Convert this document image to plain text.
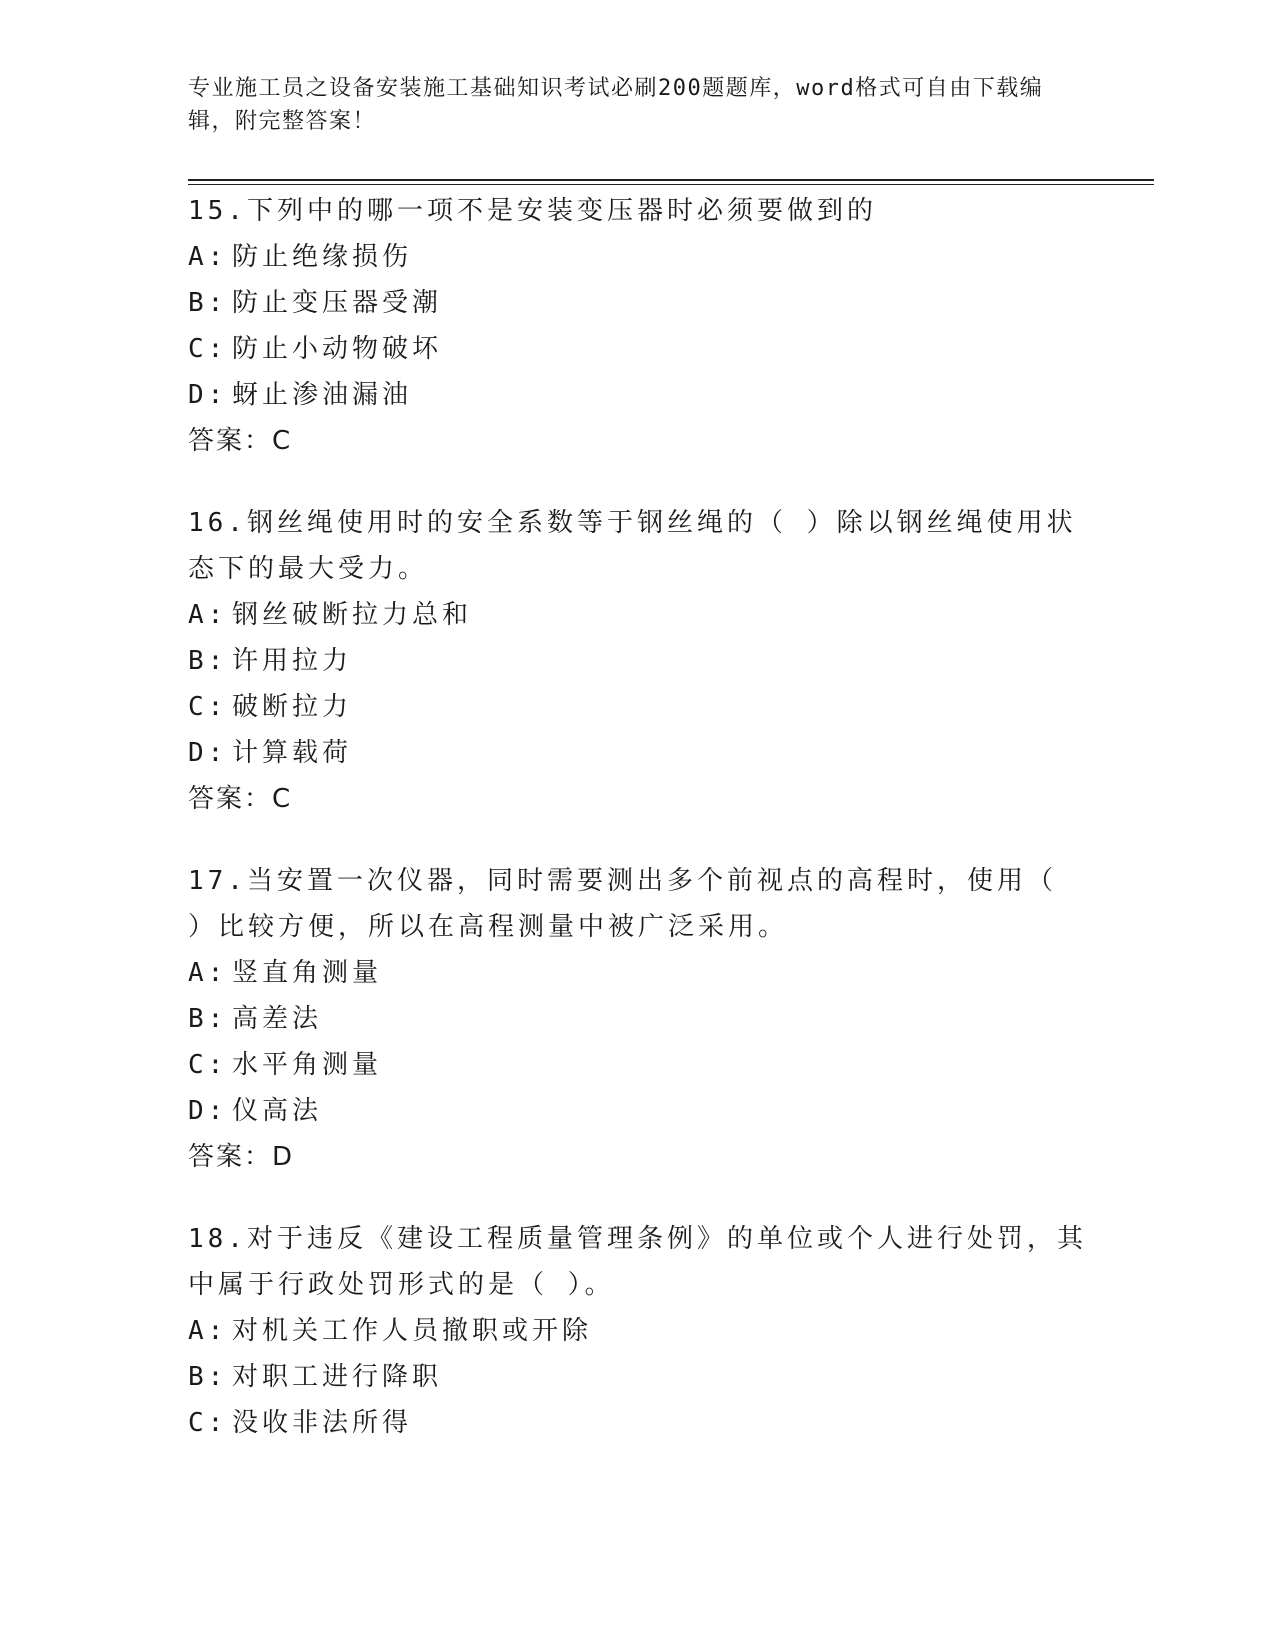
专业施工员之设备安装施工基础知识考试必刷200题题库，word格式可自由下载编辑，附完整答案！
15.下列中的哪一项不是安装变压器时必须要做到的
A: 防止绝缘损伤
B: 防止变压器受潮
C: 防止小动物破坏
D: 蚜止渗油漏油
答案：C
16.钢丝绳使用时的安全系数等于钢丝绳的（ ）除以钢丝绳使用状态下的最大受力。
A: 钢丝破断拉力总和
B: 许用拉力
C: 破断拉力
D: 计算载荷
答案：C
17.当安置一次仪器，同时需要测出多个前视点的高程时，使用（ ）比较方便，所以在高程测量中被广泛采用。
A: 竖直角测量
B: 高差法
C: 水平角测量
D: 仪高法
答案：D
18.对于违反《建设工程质量管理条例》的单位或个人进行处罚，其中属于行政处罚形式的是（ ）。
A: 对机关工作人员撤职或开除
B: 对职工进行降职
C: 没收非法所得
